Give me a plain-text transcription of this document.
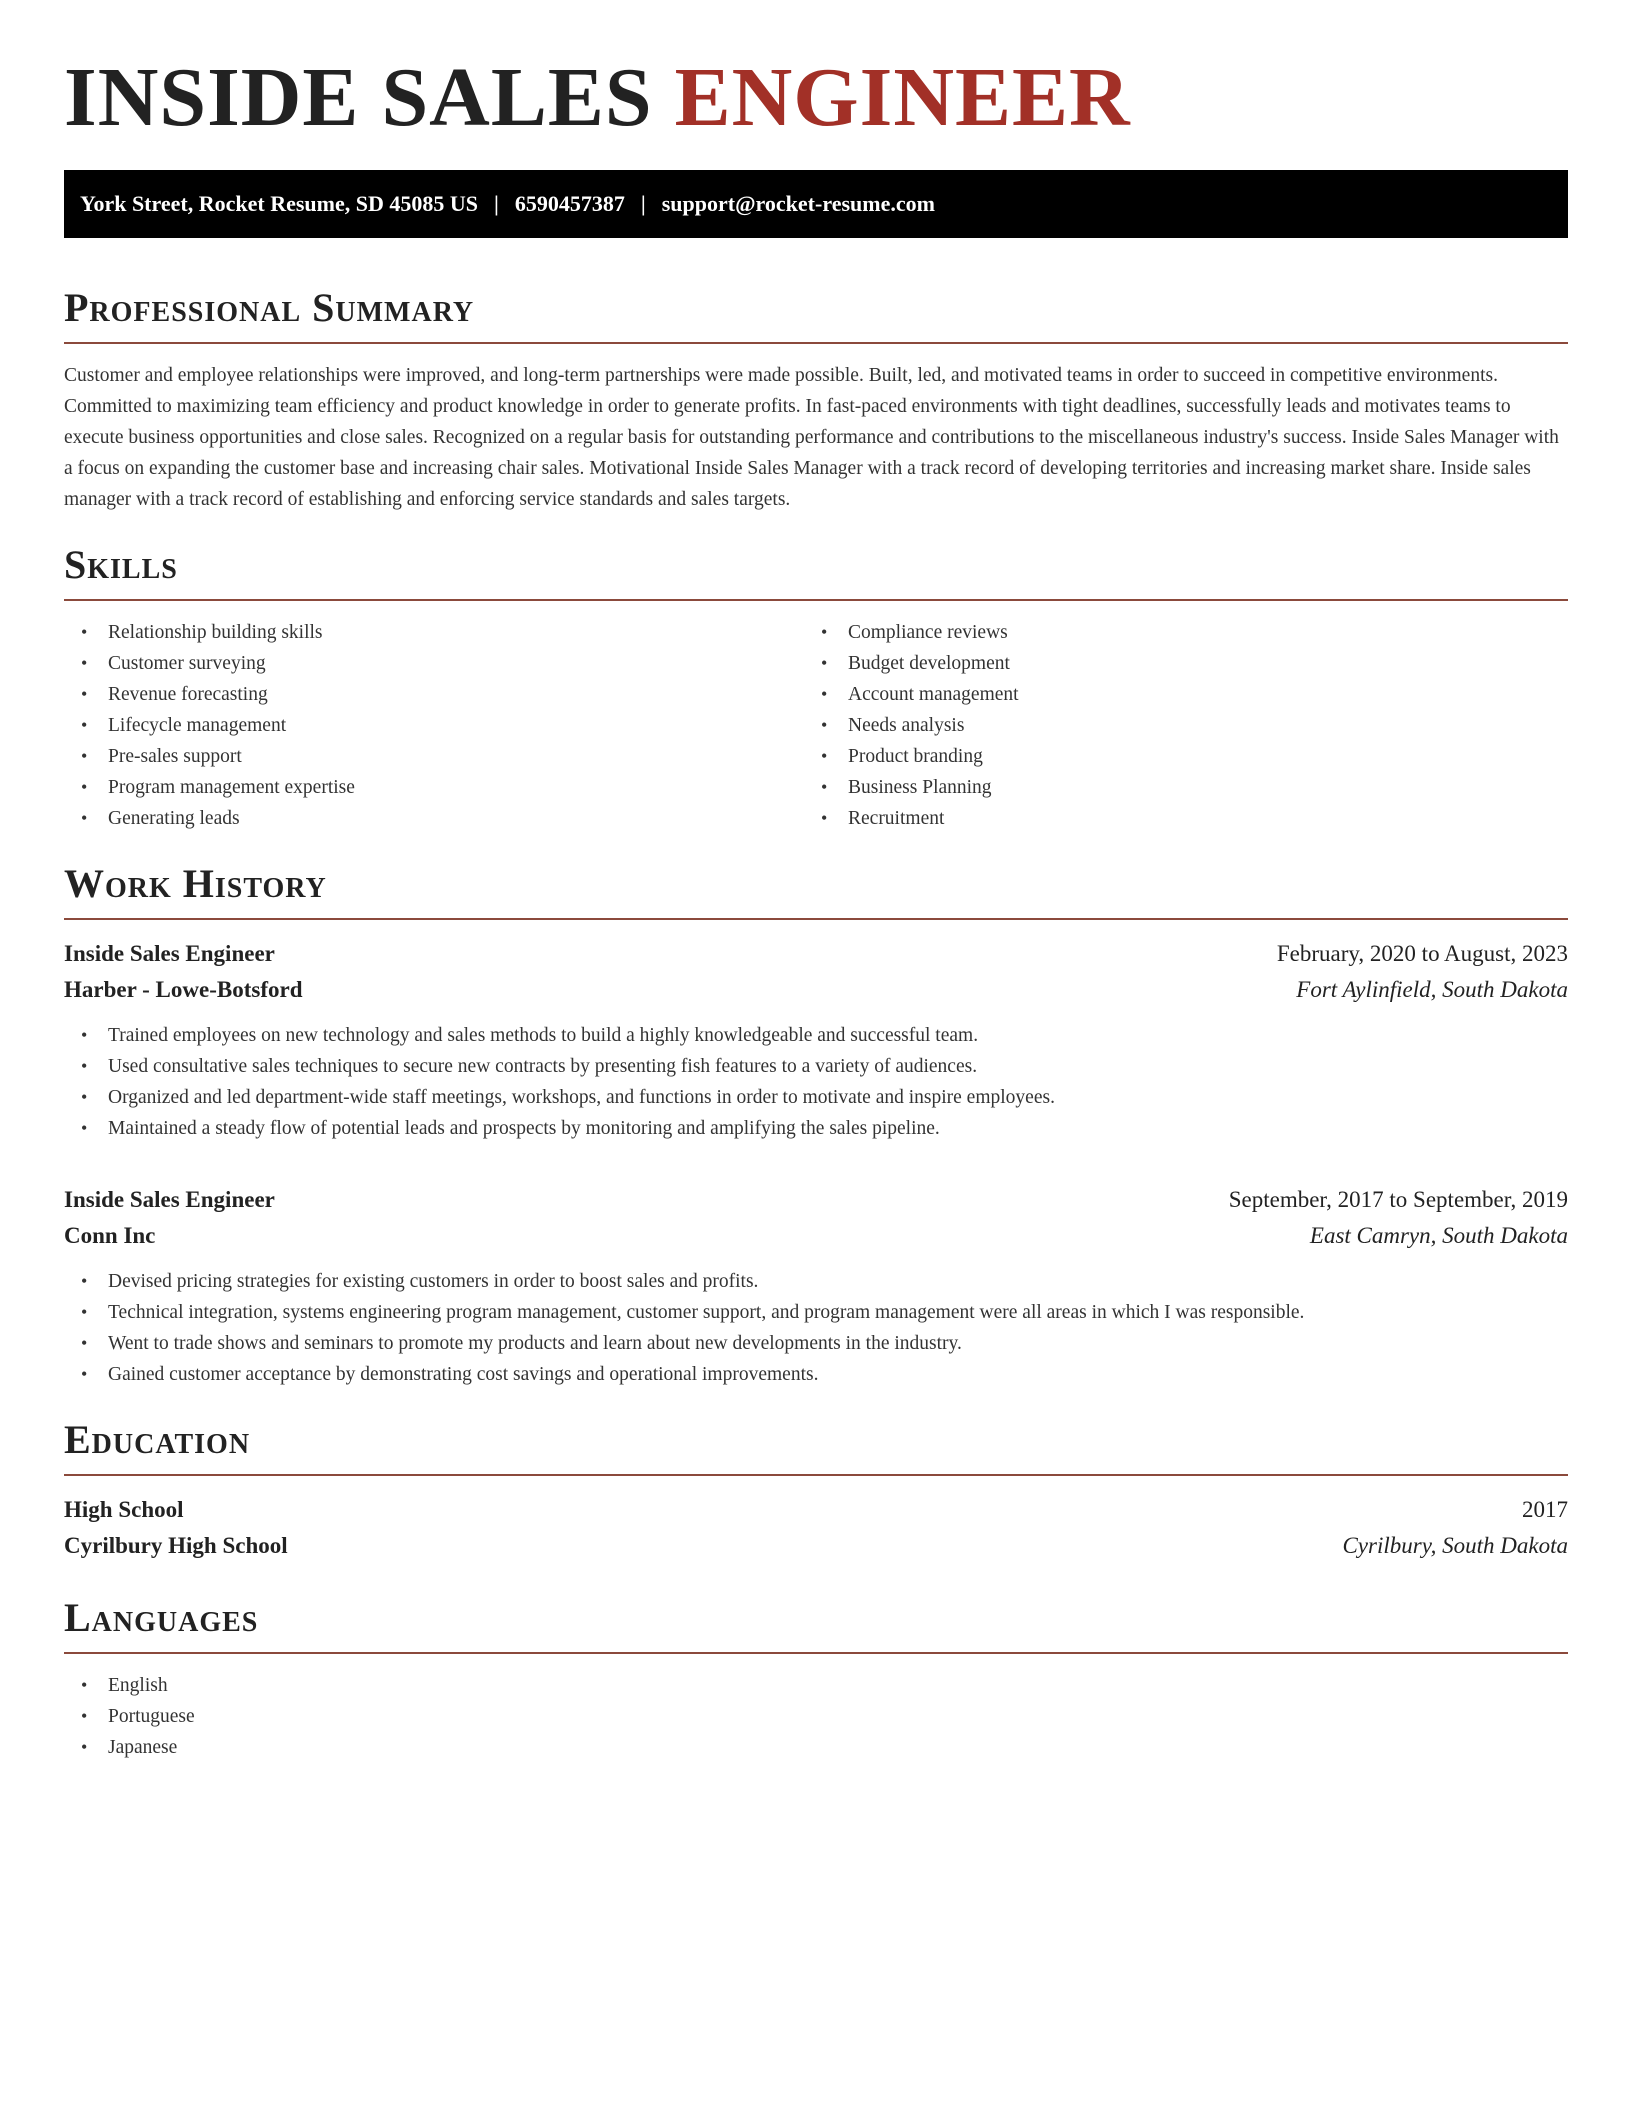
INSIDE SALES ENGINEER
York Street, Rocket Resume, SD 45085 US | 6590457387 | support@rocket-resume.com
Professional Summary

Customer and employee relationships were improved, and long-term partnerships were made possible. Built, led, and motivated teams in order to succeed in competitive environments. Committed to maximizing team efficiency and product knowledge in order to generate profits. In fast-paced environments with tight deadlines, successfully leads and motivates teams to execute business opportunities and close sales. Recognized on a regular basis for outstanding performance and contributions to the miscellaneous industry's success. Inside Sales Manager with a focus on expanding the customer base and increasing chair sales. Motivational Inside Sales Manager with a track record of developing territories and increasing market share. Inside sales manager with a track record of establishing and enforcing service standards and sales targets.

Skills
• Relationship building skills
• Customer surveying
• Revenue forecasting
• Lifecycle management
• Pre-sales support
• Program management expertise
• Generating leads
• Compliance reviews
• Budget development
• Account management
• Needs analysis
• Product branding
• Business Planning
• Recruitment
Work History
Inside Sales Engineer	February, 2020 to August, 2023
Harber - Lowe-Botsford	Fort Aylinfield, South Dakota
• Trained employees on new technology and sales methods to build a highly knowledgeable and successful team.
• Used consultative sales techniques to secure new contracts by presenting fish features to a variety of audiences.
• Organized and led department-wide staff meetings, workshops, and functions in order to motivate and inspire employees.
• Maintained a steady flow of potential leads and prospects by monitoring and amplifying the sales pipeline.
Inside Sales Engineer	September, 2017 to September, 2019
Conn Inc	East Camryn, South Dakota
• Devised pricing strategies for existing customers in order to boost sales and profits.
• Technical integration, systems engineering program management, customer support, and program management were all areas in which I was responsible.
• Went to trade shows and seminars to promote my products and learn about new developments in the industry.
• Gained customer acceptance by demonstrating cost savings and operational improvements.
Education
High School	2017
Cyrilbury High School	Cyrilbury, South Dakota
Languages
• English
• Portuguese
• Japanese
